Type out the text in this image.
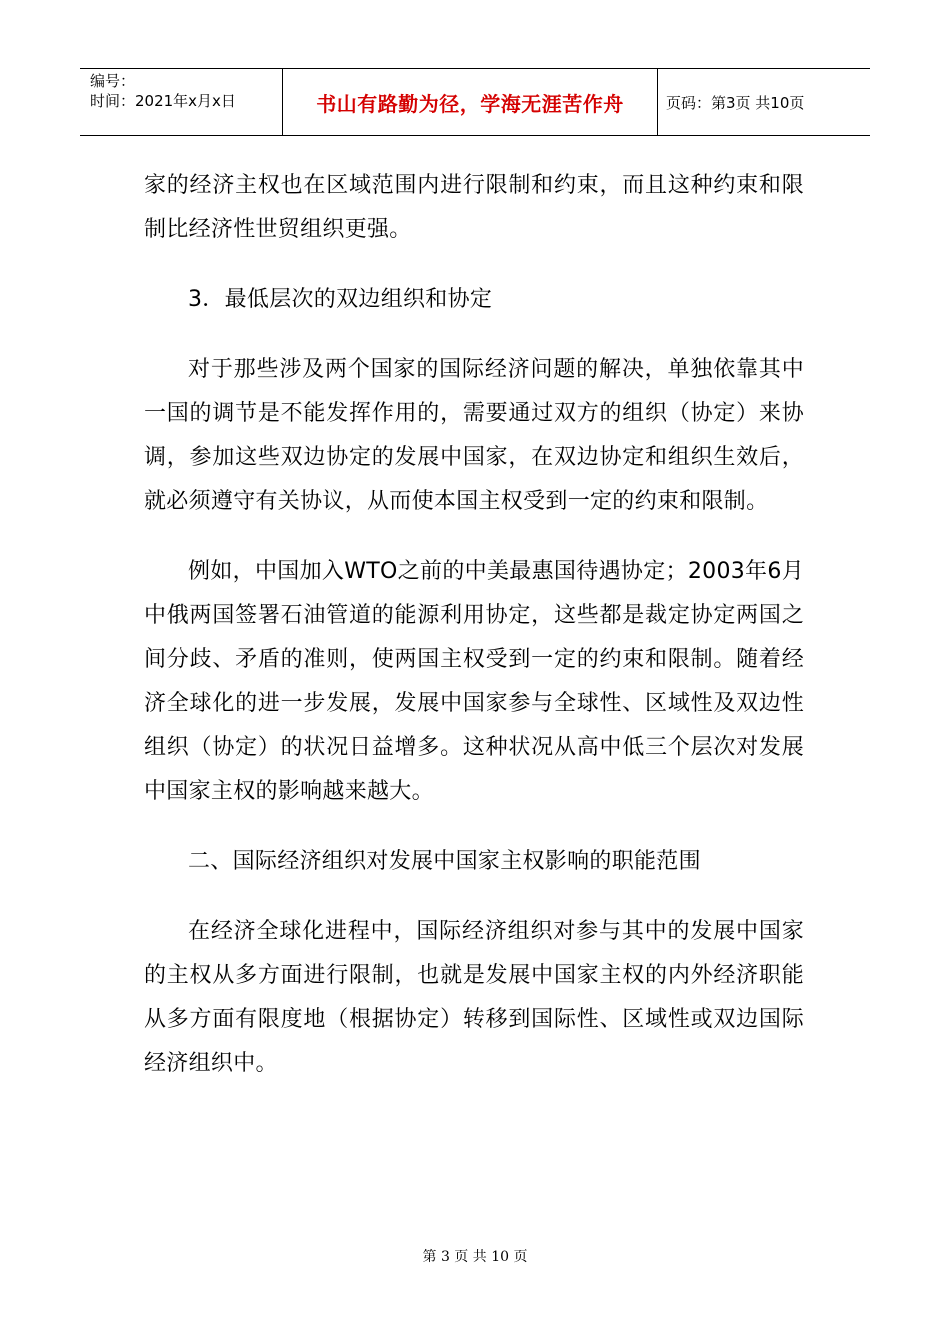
编号：
时间：2021年x月x日	书山有路勤为径，学海无涯苦作舟	页码：第3页 共10页

家的经济主权也在区域范围内进行限制和约束，而且这种约束和限制比经济性世贸组织更强。

3．最低层次的双边组织和协定

对于那些涉及两个国家的国际经济问题的解决，单独依靠其中一国的调节是不能发挥作用的，需要通过双方的组织（协定）来协调，参加这些双边协定的发展中国家，在双边协定和组织生效后，就必须遵守有关协议，从而使本国主权受到一定的约束和限制。

例如，中国加入WTO之前的中美最惠国待遇协定；2003年6月中俄两国签署石油管道的能源利用协定，这些都是裁定协定两国之间分歧、矛盾的准则，使两国主权受到一定的约束和限制。随着经济全球化的进一步发展，发展中国家参与全球性、区域性及双边性组织（协定）的状况日益增多。这种状况从高中低三个层次对发展中国家主权的影响越来越大。

二、国际经济组织对发展中国家主权影响的职能范围

在经济全球化进程中，国际经济组织对参与其中的发展中国家的主权从多方面进行限制，也就是发展中国家主权的内外经济职能从多方面有限度地（根据协定）转移到国际性、区域性或双边国际经济组织中。

第 3 页 共 10 页
